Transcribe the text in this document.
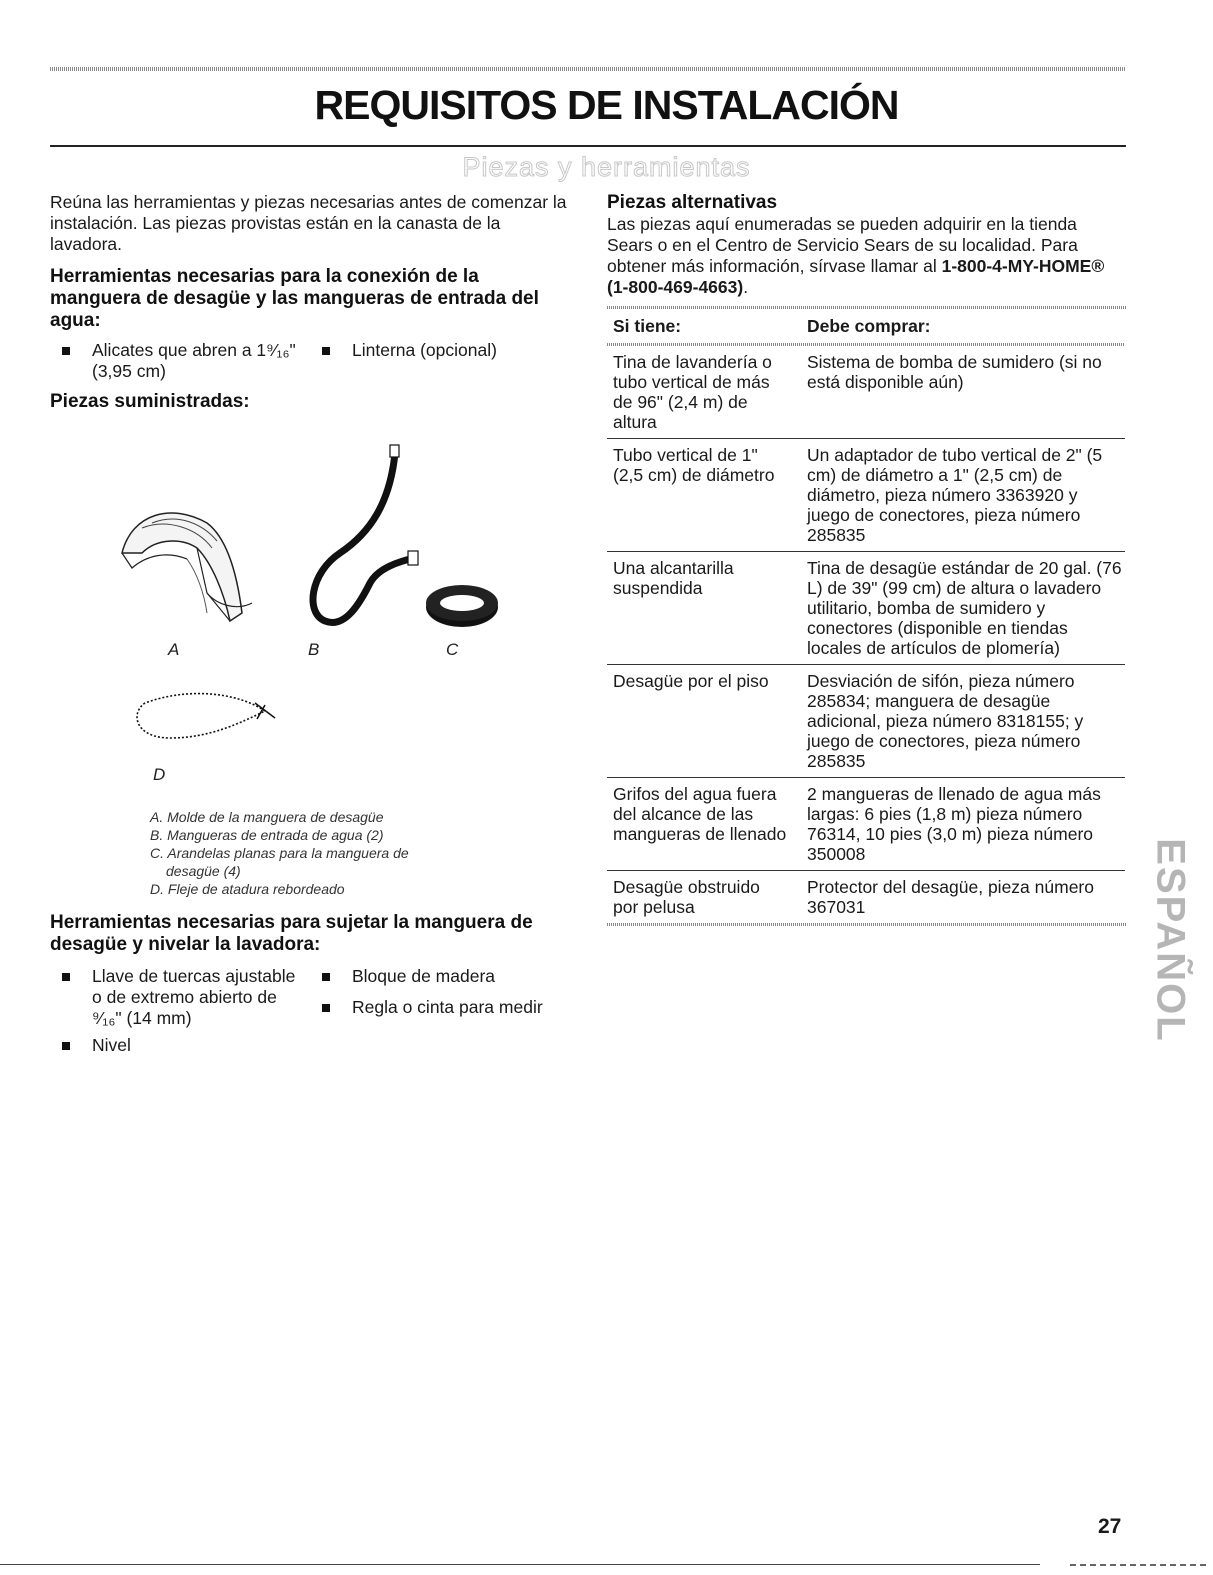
REQUISITOS DE INSTALACIÓN
Piezas y herramientas

Reúna las herramientas y piezas necesarias antes de comenzar la instalación. Las piezas provistas están en la canasta de la lavadora.

Herramientas necesarias para la conexión de la manguera de desagüe y las mangueras de entrada del agua:
Alicates que abren a 1⁹⁄₁₆" (3,95 cm)
Linterna (opcional)
Piezas suministradas:
A	B	C
D
A. Molde de la manguera de desagüe
B. Mangueras de entrada de agua (2)
C. Arandelas planas para la manguera de
desagüe (4)
D. Fleje de atadura rebordeado
Herramientas necesarias para sujetar la manguera de desagüe y nivelar la lavadora:
Llave de tuercas ajustable o de extremo abierto de ⁹⁄₁₆" (14 mm)
Bloque de madera
Regla o cinta para medir
Nivel
Piezas alternativas

Las piezas aquí enumeradas se pueden adquirir en la tienda Sears o en el Centro de Servicio Sears de su localidad. Para obtener más información, sírvase llamar al 1-800-4-MY-HOME® (1-800-469-4663).

Si tiene:	Debe comprar:

Tina de lavandería o tubo vertical de más de 96" (2,4 m) de altura	Sistema de bomba de sumidero (si no está disponible aún)
Tubo vertical de 1" (2,5 cm) de diámetro	Un adaptador de tubo vertical de 2" (5 cm) de diámetro a 1" (2,5 cm) de diámetro, pieza número 3363920 y juego de conectores, pieza número 285835
Una alcantarilla suspendida	Tina de desagüe estándar de 20 gal. (76 L) de 39" (99 cm) de altura o lavadero utilitario, bomba de sumidero y conectores (disponible en tiendas locales de artículos de plomería)
Desagüe por el piso	Desviación de sifón, pieza número 285834; manguera de desagüe adicional, pieza número 8318155; y juego de conectores, pieza número 285835
Grifos del agua fuera del alcance de las mangueras de llenado	2 mangueras de llenado de agua más largas: 6 pies (1,8 m) pieza número 76314, 10 pies (3,0 m) pieza número 350008
Desagüe obstruido por pelusa	Protector del desagüe, pieza número 367031	ESPAÑOL
27
